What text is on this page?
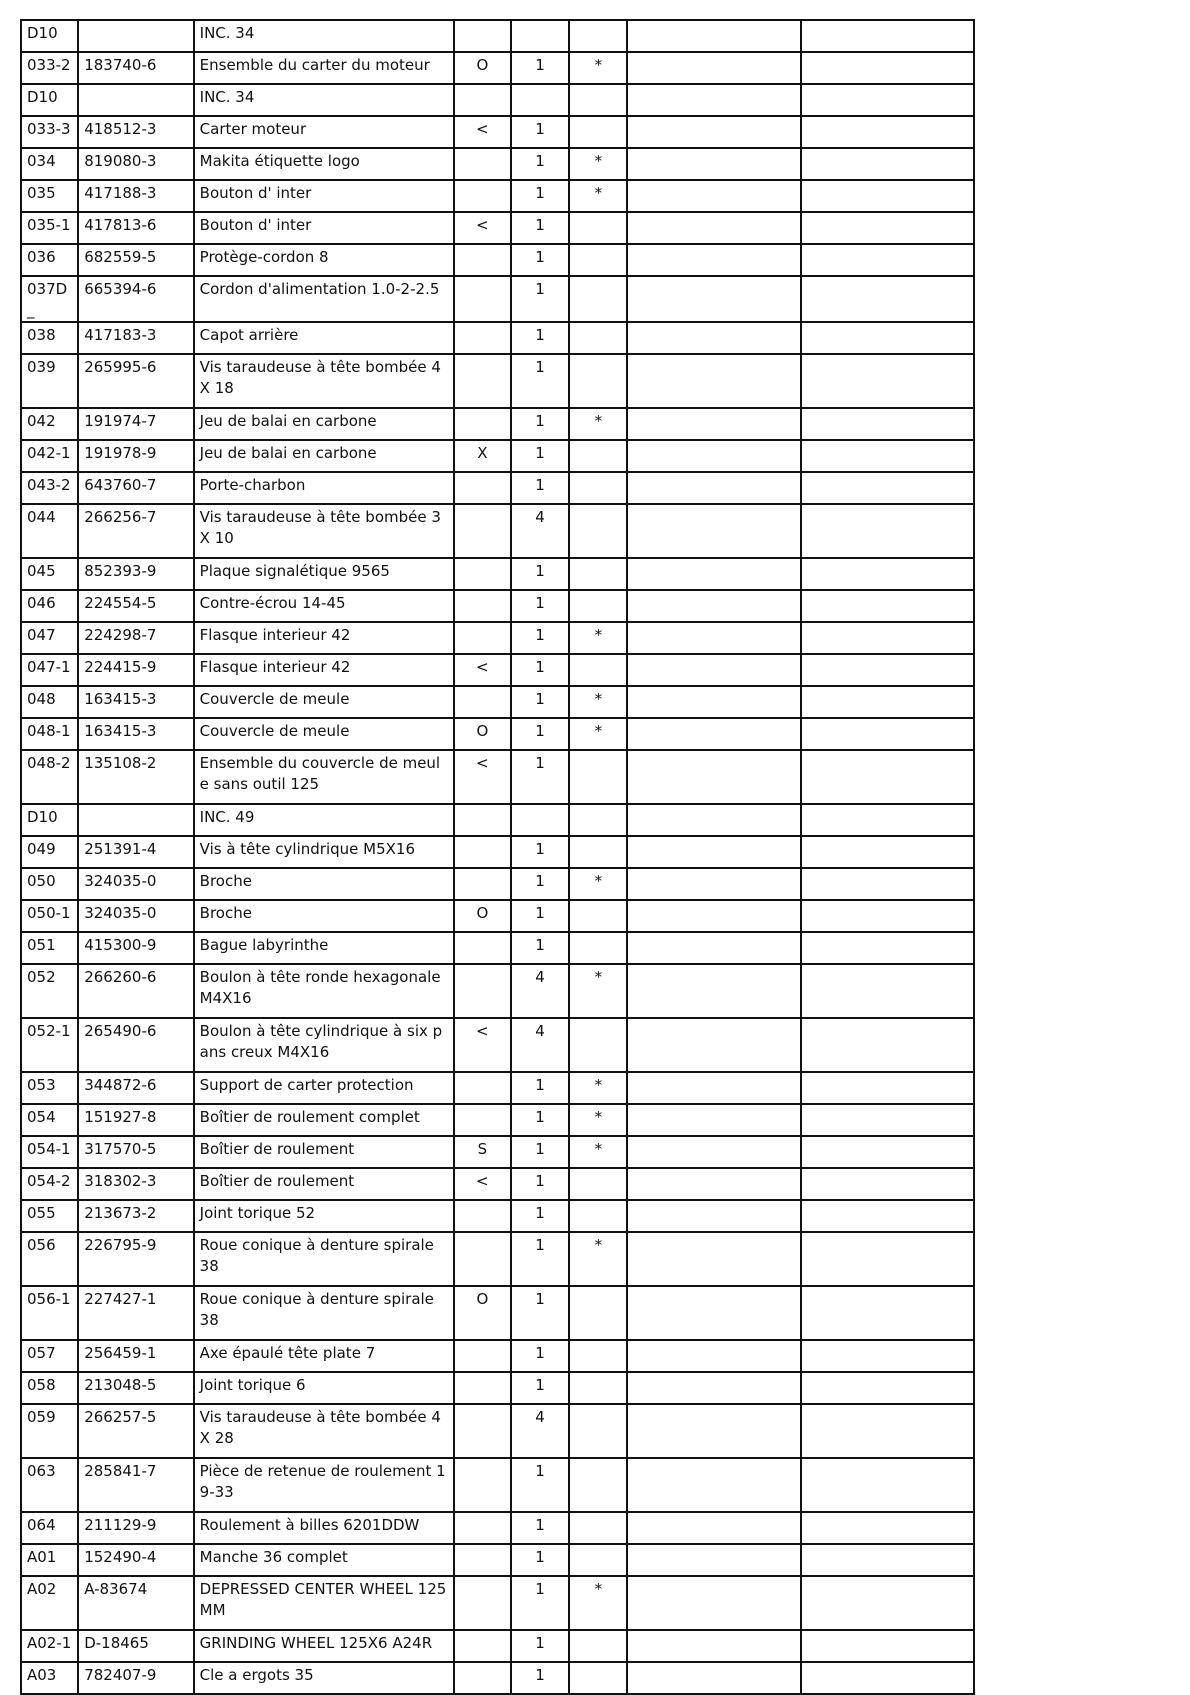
D10		INC. 34					
033-2	183740-6	Ensemble du carter du moteur	O	1	*		
D10		INC. 34					
033-3	418512-3	Carter moteur	<	1			
034	819080-3	Makita étiquette logo		1	*		
035	417188-3	Bouton d' inter		1	*		
035-1	417813-6	Bouton d' inter	<	1			
036	682559-5	Protège-cordon 8		1			
037D_	665394-6	Cordon d'alimentation 1.0-2-2.5		1			
038	417183-3	Capot arrière		1			
039	265995-6	Vis taraudeuse à tête bombée 4X 18		1			
042	191974-7	Jeu de balai en carbone		1	*		
042-1	191978-9	Jeu de balai en carbone	X	1			
043-2	643760-7	Porte-charbon		1			
044	266256-7	Vis taraudeuse à tête bombée 3X 10		4			
045	852393-9	Plaque signalétique 9565		1			
046	224554-5	Contre-écrou 14-45		1			
047	224298-7	Flasque interieur 42		1	*		
047-1	224415-9	Flasque interieur 42	<	1			
048	163415-3	Couvercle de meule		1	*		
048-1	163415-3	Couvercle de meule	O	1	*		
048-2	135108-2	Ensemble du couvercle de meule sans outil 125	<	1			
D10		INC. 49					
049	251391-4	Vis à tête cylindrique M5X16		1			
050	324035-0	Broche		1	*		
050-1	324035-0	Broche	O	1			
051	415300-9	Bague labyrinthe		1			
052	266260-6	Boulon à tête ronde hexagonale M4X16		4	*		
052-1	265490-6	Boulon à tête cylindrique à six pans creux M4X16	<	4			
053	344872-6	Support de carter protection		1	*		
054	151927-8	Boîtier de roulement complet		1	*		
054-1	317570-5	Boîtier de roulement	S	1	*		
054-2	318302-3	Boîtier de roulement	<	1			
055	213673-2	Joint torique 52		1			
056	226795-9	Roue conique à denture spirale 38		1	*		
056-1	227427-1	Roue conique à denture spirale 38	O	1			
057	256459-1	Axe épaulé tête plate 7		1			
058	213048-5	Joint torique 6		1			
059	266257-5	Vis taraudeuse à tête bombée 4X 28		4			
063	285841-7	Pièce de retenue de roulement 19-33		1			
064	211129-9	Roulement à billes 6201DDW		1			
A01	152490-4	Manche 36 complet		1			
A02	A-83674	DEPRESSED CENTER WHEEL 125 MM		1	*		
A02-1	D-18465	GRINDING WHEEL 125X6 A24R		1			
A03	782407-9	Cle a ergots 35		1			
